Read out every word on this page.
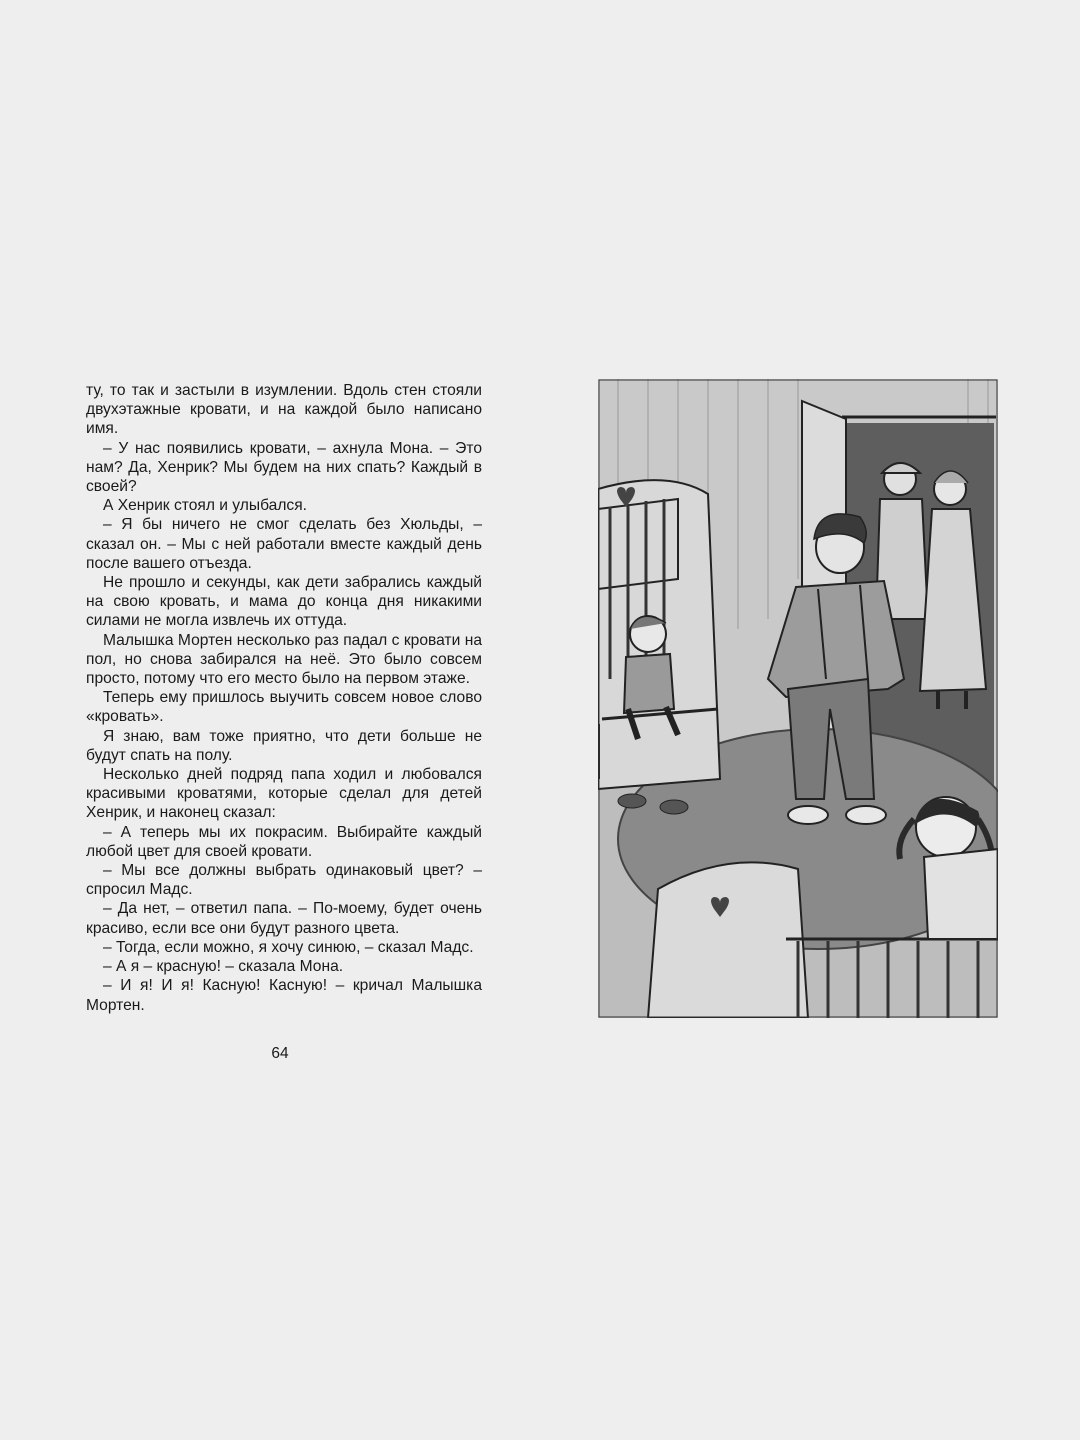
ту, то так и застыли в изумлении. Вдоль стен стояли двухэтажные кровати, и на каждой было написано имя.

– У нас появились кровати, – ахнула Мона. – Это нам? Да, Хенрик? Мы будем на них спать? Каждый в своей?

А Хенрик стоял и улыбался.

– Я бы ничего не смог сделать без Хюльды, – сказал он. – Мы с ней работали вместе каждый день после вашего отъезда.

Не прошло и секунды, как дети забрались каждый на свою кровать, и мама до конца дня никакими силами не могла извлечь их оттуда.

Малышка Мортен несколько раз падал с кровати на пол, но снова забирался на неё. Это было совсем просто, потому что его место было на первом этаже.

Теперь ему пришлось выучить совсем новое слово «кровать».

Я знаю, вам тоже приятно, что дети больше не будут спать на полу.

Несколько дней подряд папа ходил и любовался красивыми кроватями, которые сделал для детей Хенрик, и наконец сказал:

– А теперь мы их покрасим. Выбирайте каждый любой цвет для своей кровати.

– Мы все должны выбрать одинаковый цвет? – спросил Мадс.

– Да нет, – ответил папа. – По-моему, будет очень красиво, если все они будут разного цвета.

– Тогда, если можно, я хочу синюю, – сказал Мадс.

– А я – красную! – сказала Мона.

– И я! И я! Касную! Касную! – кричал Малышка Мортен.

64
